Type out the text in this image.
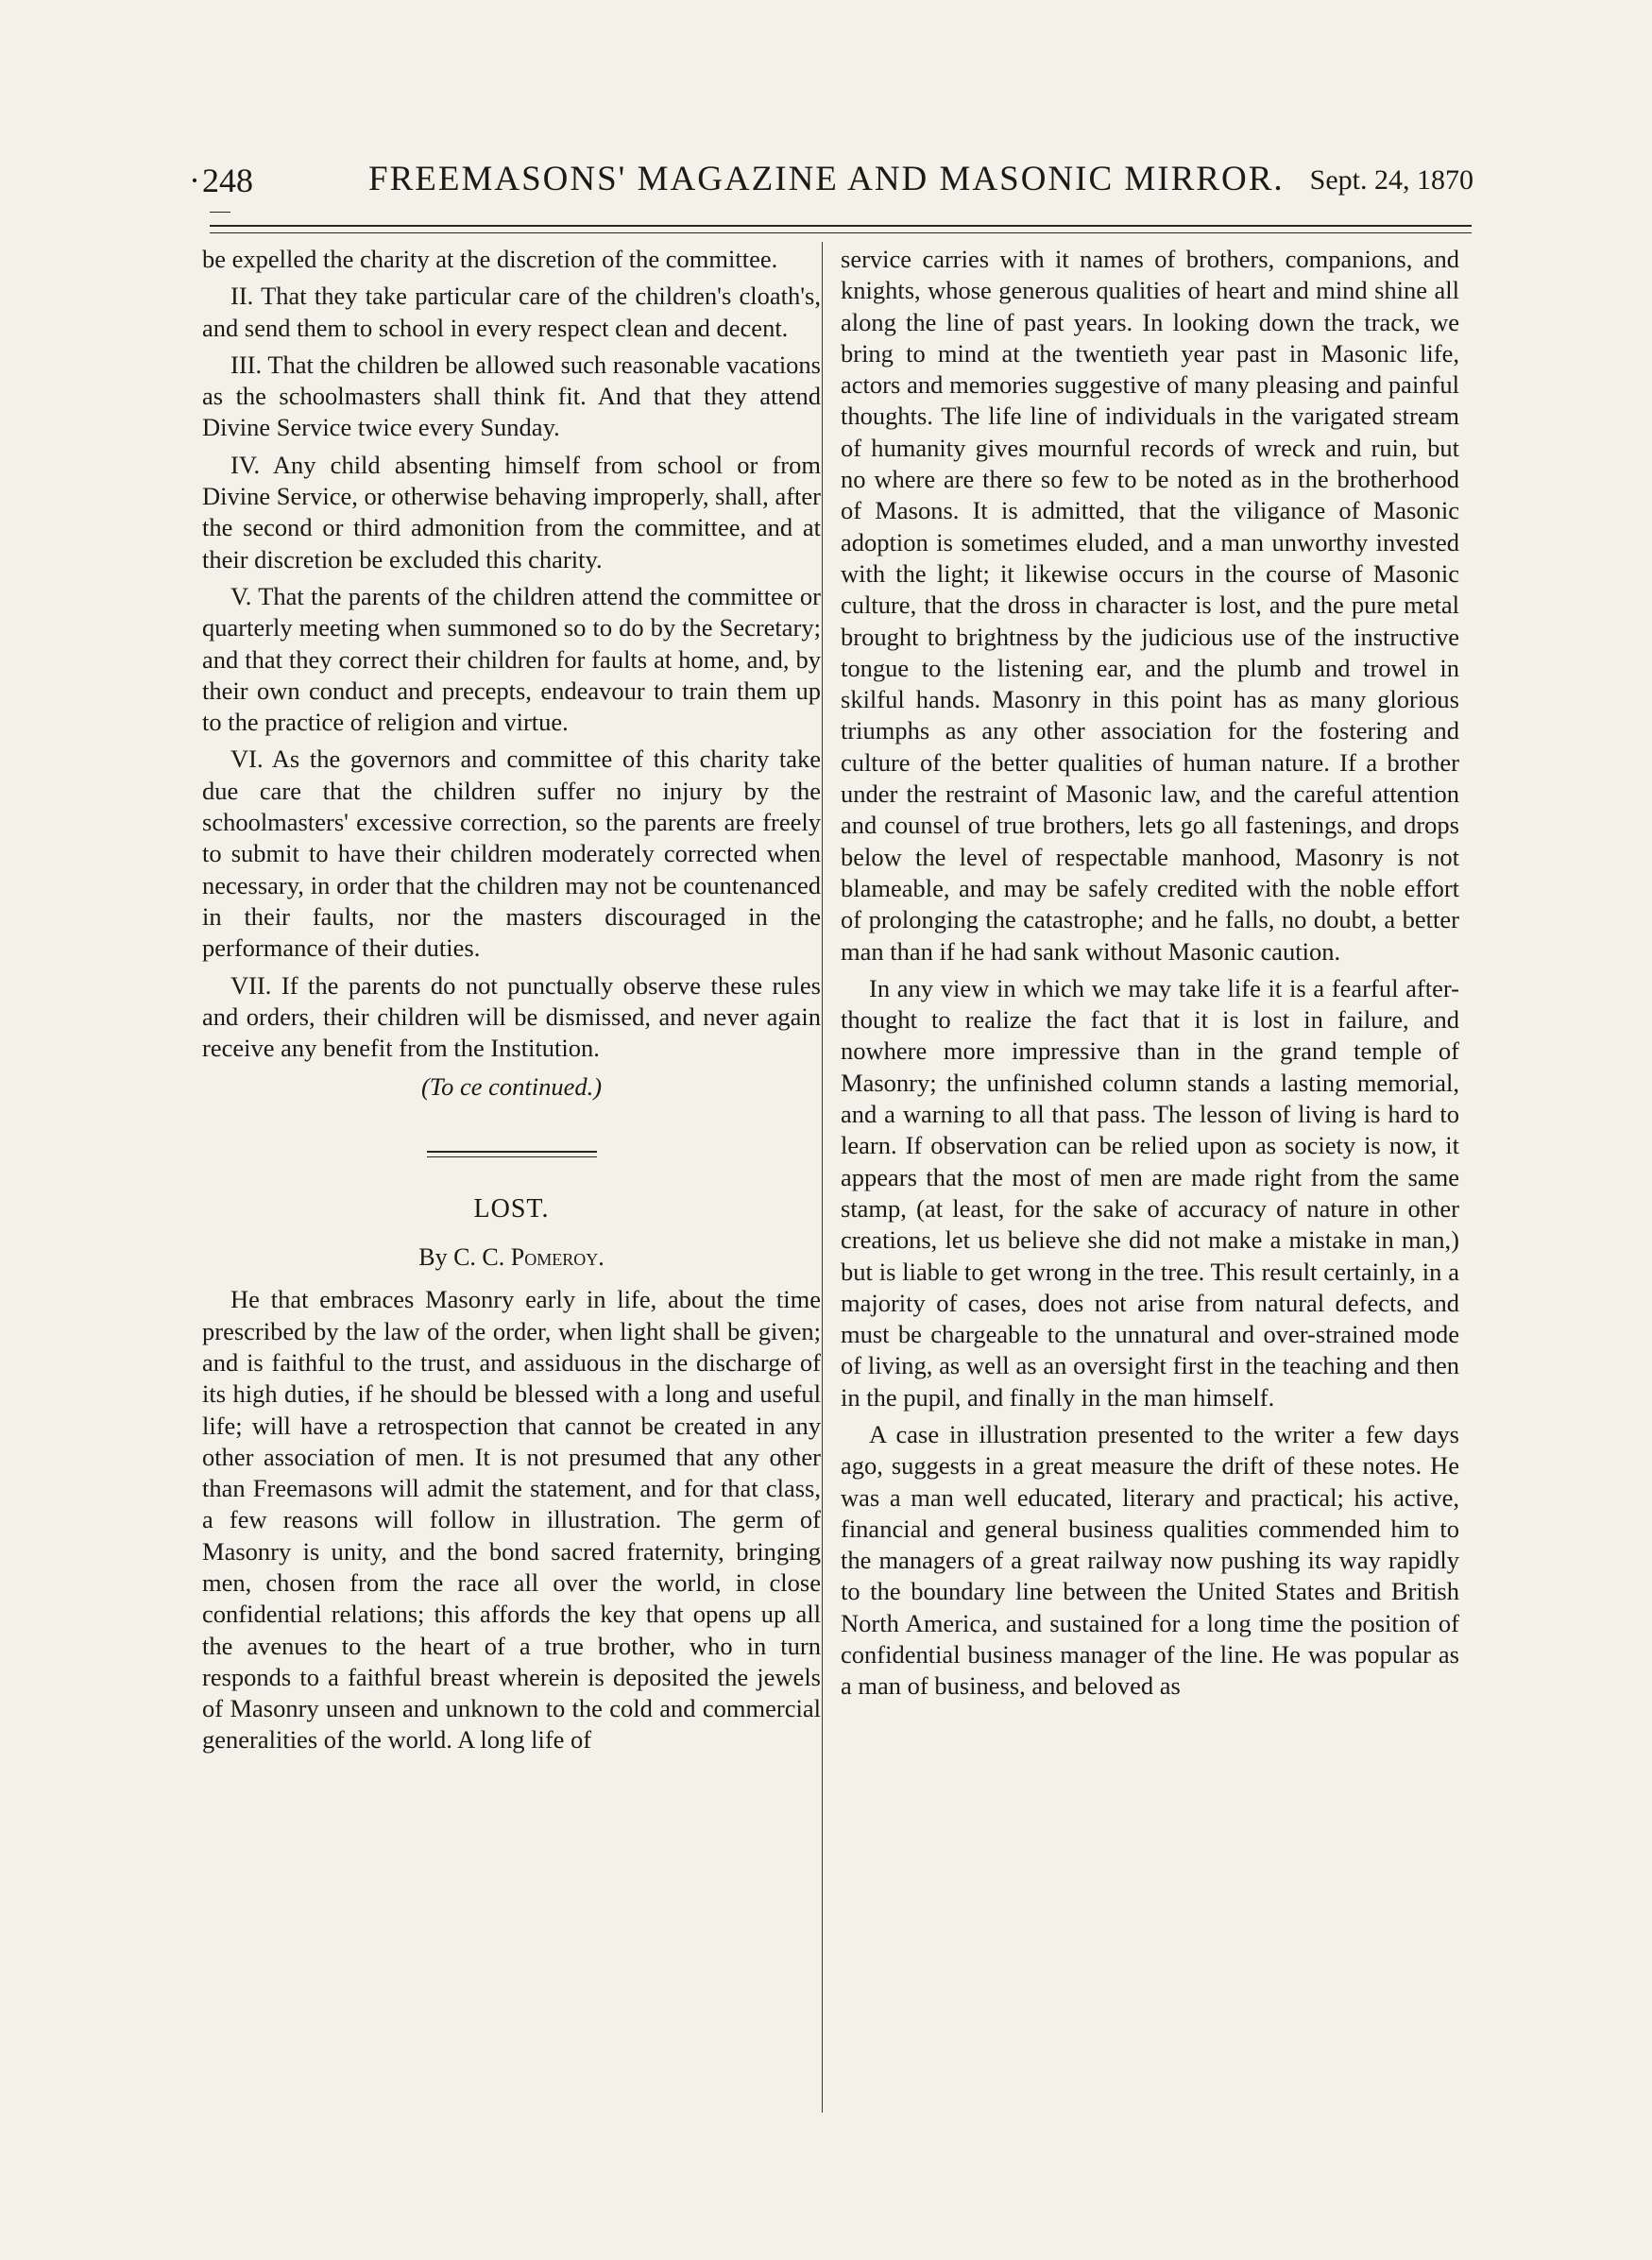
· 248	FREEMASONS' MAGAZINE AND MASONIC MIRROR. Sept. 24, 1870

be expelled the charity at the discretion of the committee.

II. That they take particular care of the children's cloath's, and send them to school in every respect clean and decent.

III. That the children be allowed such reasonable vacations as the schoolmasters shall think fit. And that they attend Divine Service twice every Sunday.

IV. Any child absenting himself from school or from Divine Service, or otherwise behaving improperly, shall, after the second or third admonition from the committee, and at their discretion be excluded this charity.

V. That the parents of the children attend the committee or quarterly meeting when summoned so to do by the Secretary; and that they correct their children for faults at home, and, by their own conduct and precepts, endeavour to train them up to the practice of religion and virtue.

VI. As the governors and committee of this charity take due care that the children suffer no injury by the schoolmasters' excessive correction, so the parents are freely to submit to have their children moderately corrected when necessary, in order that the children may not be countenanced in their faults, nor the masters discouraged in the performance of their duties.

VII. If the parents do not punctually observe these rules and orders, their children will be dismissed, and never again receive any benefit from the Institution.

(To ce continued.)

LOST.

By C. C. Pomeroy.

He that embraces Masonry early in life, about the time prescribed by the law of the order, when light shall be given; and is faithful to the trust, and assiduous in the discharge of its high duties, if he should be blessed with a long and useful life; will have a retrospection that cannot be created in any other association of men. It is not presumed that any other than Freemasons will admit the statement, and for that class, a few reasons will follow in illustration. The germ of Masonry is unity, and the bond sacred fraternity, bringing men, chosen from the race all over the world, in close confidential relations; this affords the key that opens up all the avenues to the heart of a true brother, who in turn responds to a faithful breast wherein is deposited the jewels of Masonry unseen and unknown to the cold and commercial generalities of the world. A long life of

service carries with it names of brothers, companions, and knights, whose generous qualities of heart and mind shine all along the line of past years. In looking down the track, we bring to mind at the twentieth year past in Masonic life, actors and memories suggestive of many pleasing and painful thoughts. The life line of individuals in the varigated stream of humanity gives mournful records of wreck and ruin, but no where are there so few to be noted as in the brotherhood of Masons. It is admitted, that the viligance of Masonic adoption is sometimes eluded, and a man unworthy invested with the light; it likewise occurs in the course of Masonic culture, that the dross in character is lost, and the pure metal brought to brightness by the judicious use of the instructive tongue to the listening ear, and the plumb and trowel in skilful hands. Masonry in this point has as many glorious triumphs as any other association for the fostering and culture of the better qualities of human nature. If a brother under the restraint of Masonic law, and the careful attention and counsel of true brothers, lets go all fastenings, and drops below the level of respectable manhood, Masonry is not blameable, and may be safely credited with the noble effort of prolonging the catastrophe; and he falls, no doubt, a better man than if he had sank without Masonic caution.

In any view in which we may take life it is a fearful after-thought to realize the fact that it is lost in failure, and nowhere more impressive than in the grand temple of Masonry; the unfinished column stands a lasting memorial, and a warning to all that pass. The lesson of living is hard to learn. If observation can be relied upon as society is now, it appears that the most of men are made right from the same stamp, (at least, for the sake of accuracy of nature in other creations, let us believe she did not make a mistake in man,) but is liable to get wrong in the tree. This result certainly, in a majority of cases, does not arise from natural defects, and must be chargeable to the unnatural and over-strained mode of living, as well as an oversight first in the teaching and then in the pupil, and finally in the man himself.

A case in illustration presented to the writer a few days ago, suggests in a great measure the drift of these notes. He was a man well educated, literary and practical; his active, financial and general business qualities commended him to the managers of a great railway now pushing its way rapidly to the boundary line between the United States and British North America, and sustained for a long time the position of confidential business manager of the line. He was popular as a man of business, and beloved as
